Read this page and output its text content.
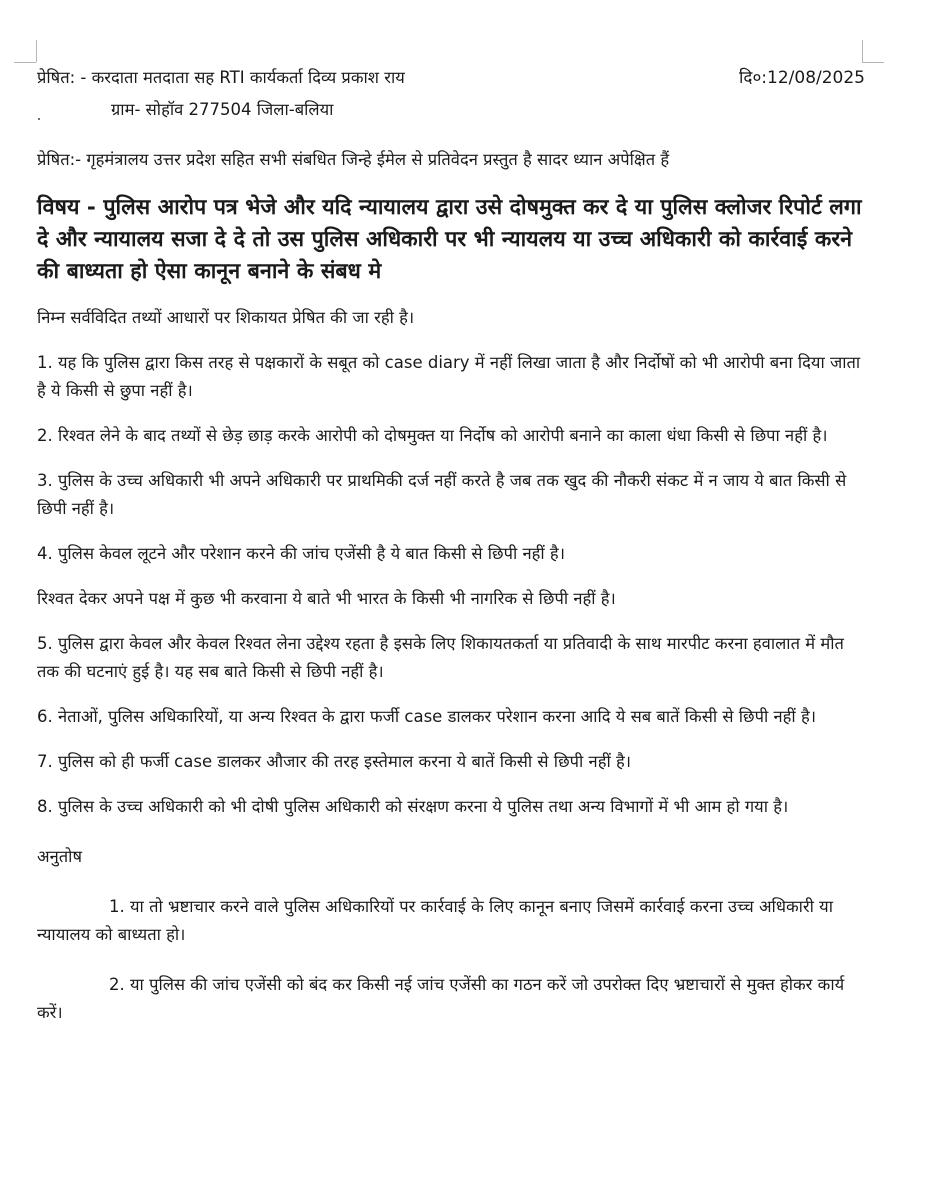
प्रेषित: - करदाता मतदाता सह RTI कार्यकर्ता दिव्य प्रकाश राय	दि०:12/08/2025

ग्राम- सोहॉव 277504 जिला-बलिया

प्रेषित:- गृहमंत्रालय उत्तर प्रदेश सहित सभी संबधित जिन्हे ईमेल से प्रतिवेदन प्रस्तुत है सादर ध्यान अपेक्षित हैं

विषय - पुलिस आरोप पत्र भेजे और यदि न्यायालय द्वारा उसे दोषमुक्त कर दे या पुलिस क्लोजर रिपोर्ट लगा दे और न्यायालय सजा दे दे तो उस पुलिस अधिकारी पर भी न्यायलय या उच्च अधिकारी को कार्रवाई करने की बाध्यता हो ऐसा कानून बनाने के संबध मे

निम्न सर्वविदित तथ्यों आधारों पर शिकायत प्रेषित की जा रही है।

1. यह कि पुलिस द्वारा किस तरह से पक्षकारों के सबूत को case diary में नहीं लिखा जाता है और निर्दोषों को भी आरोपी बना दिया जाता है ये किसी से छुपा नहीं है।

2. रिश्वत लेने के बाद तथ्यों से छेड़ छाड़ करके आरोपी को दोषमुक्त या निर्दोष को आरोपी बनाने का काला धंधा किसी से छिपा नहीं है।

3. पुलिस के उच्च अधिकारी भी अपने अधिकारी पर प्राथमिकी दर्ज नहीं करते है जब तक खुद की नौकरी संकट में न जाय ये बात किसी से छिपी नहीं है।

4. पुलिस केवल लूटने और परेशान करने की जांच एजेंसी है ये बात किसी से छिपी नहीं है।

रिश्वत देकर अपने पक्ष में कुछ भी करवाना ये बाते भी भारत के किसी भी नागरिक से छिपी नहीं है।

5. पुलिस द्वारा केवल और केवल रिश्वत लेना उद्देश्य रहता है इसके लिए शिकायतकर्ता या प्रतिवादी के साथ मारपीट करना हवालात में मौत तक की घटनाएं हुई है। यह सब बाते किसी से छिपी नहीं है।

6. नेताओं, पुलिस अधिकारियों, या अन्य रिश्वत के द्वारा फर्जी case डालकर परेशान करना आदि ये सब बातें किसी से छिपी नहीं है।

7. पुलिस को ही फर्जी case डालकर औजार की तरह इस्तेमाल करना ये बातें किसी से छिपी नहीं है।

8. पुलिस के उच्च अधिकारी को भी दोषी पुलिस अधिकारी को संरक्षण करना ये पुलिस तथा अन्य विभागों में भी आम हो गया है।

अनुतोष

1. या तो भ्रष्टाचार करने वाले पुलिस अधिकारियों पर कार्रवाई के लिए कानून बनाए जिसमें कार्रवाई करना उच्च अधिकारी या न्यायालय को बाध्यता हो।

2. या पुलिस की जांच एजेंसी को बंद कर किसी नई जांच एजेंसी का गठन करें जो उपरोक्त दिए भ्रष्टाचारों से मुक्त होकर कार्य करें।
